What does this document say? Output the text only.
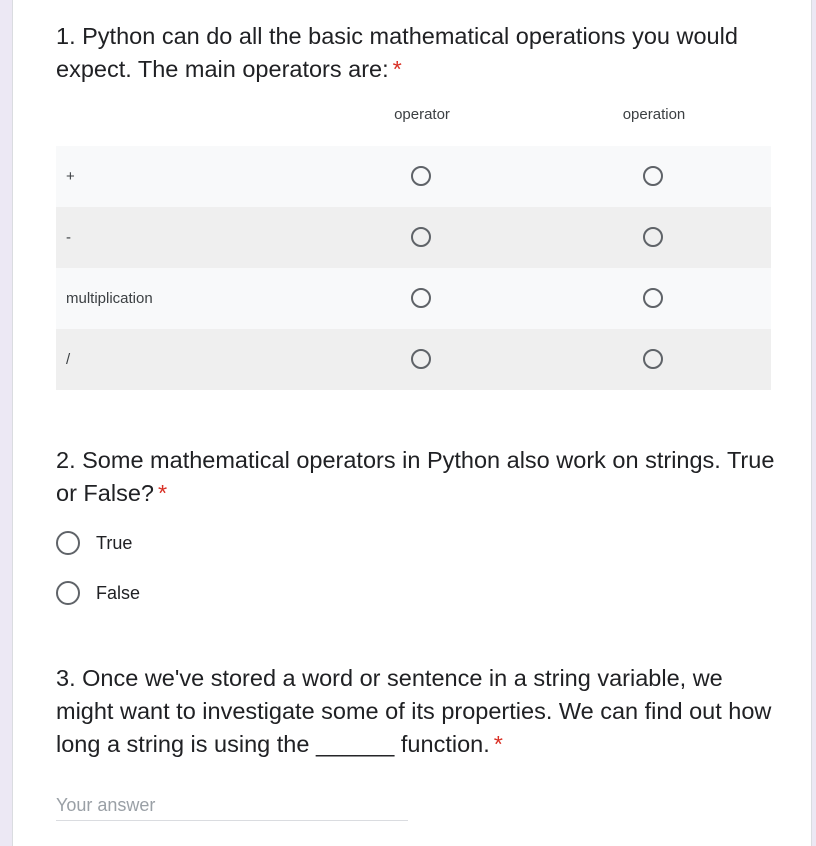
1. Python can do all the basic mathematical operations you would expect. The main operators are: *

operator	operation
+
-
multiplication
/

2. Some mathematical operators in Python also work on strings. True or False? *

True
False

3. Once we've stored a word or sentence in a string variable, we might want to investigate some of its properties. We can find out how long a string is using the ______ function. *

Your answer
